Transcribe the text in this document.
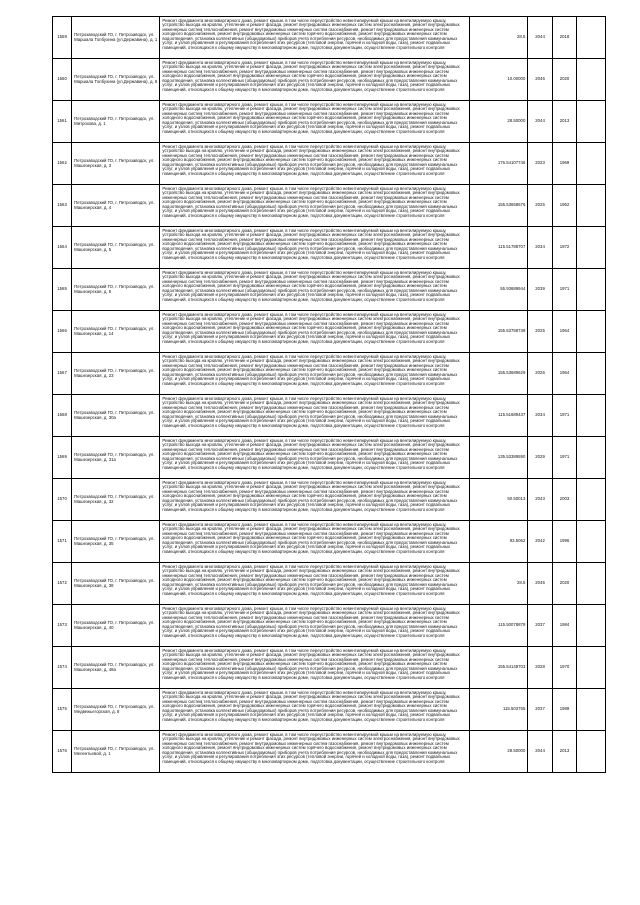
1559	Петрозаводский ГО, г. Петрозаводск, ул. Маршала Толбухина (ул.Державина), д. 1	Ремонт фундамента многоквартирного дома, ремонт крыши, в том числе переустройство невентилируемой крыши на вентилируемую крышу, устройство выхода на кровлю, утепление и ремонт фасада, ремонт внутридомовых инженерных систем электроснабжения, ремонт внутридомовых инженерных систем теплоснабжения, ремонт внутридомовых инженерных систем газоснабжения, ремонт внутридомовых инженерных систем холодного водоснабжения, ремонт внутридомовых инженерных систем горячего водоснабжения, ремонт внутридомовых инженерных систем водоотведения, установка коллективных (общедомовых) приборов учета потребления ресурсов, необходимых для предоставления коммунальных услуг, и узлов управления и регулирования потребления этих ресурсов (тепловой энергии, горячей и холодной воды, газа), ремонт подвальных помещений, относящихся к общему имуществу в многоквартирном доме, подготовка документации, осуществление строительного контроля	28.5	2044	2018	
1560	Петрозаводский ГО, г. Петрозаводск, ул. Маршала Толбухина (ул.Державина), д. 6	Ремонт фундамента многоквартирного дома, ремонт крыши, в том числе переустройство невентилируемой крыши на вентилируемую крышу, устройство выхода на кровлю, утепление и ремонт фасада, ремонт внутридомовых инженерных систем электроснабжения, ремонт внутридомовых инженерных систем теплоснабжения, ремонт внутридомовых инженерных систем газоснабжения, ремонт внутридомовых инженерных систем холодного водоснабжения, ремонт внутридомовых инженерных систем горячего водоснабжения, ремонт внутридомовых инженерных систем водоотведения, установка коллективных (общедомовых) приборов учета потребления ресурсов, необходимых для предоставления коммунальных услуг, и узлов управления и регулирования потребления этих ресурсов (тепловой энергии, горячей и холодной воды, газа), ремонт подвальных помещений, относящихся к общему имуществу в многоквартирном доме, подготовка документации, осуществление строительного контроля	10.00000	2046	2020	
1561	Петрозаводский ГО, г. Петрозаводск, ул. Митрохова, д. 1	Ремонт фундамента многоквартирного дома, ремонт крыши, в том числе переустройство невентилируемой крыши на вентилируемую крышу, устройство выхода на кровлю, утепление и ремонт фасада, ремонт внутридомовых инженерных систем электроснабжения, ремонт внутридомовых инженерных систем теплоснабжения, ремонт внутридомовых инженерных систем газоснабжения, ремонт внутридомовых инженерных систем холодного водоснабжения, ремонт внутридомовых инженерных систем горячего водоснабжения, ремонт внутридомовых инженерных систем водоотведения, установка коллективных (общедомовых) приборов учета потребления ресурсов, необходимых для предоставления коммунальных услуг, и узлов управления и регулирования потребления этих ресурсов (тепловой энергии, горячей и холодной воды, газа), ремонт подвальных помещений, относящихся к общему имуществу в многоквартирном доме, подготовка документации, осуществление строительного контроля	28.50000	2044	2013	
1562	Петрозаводский ГО, г. Петрозаводск, ул. Машезерская, д. 3	Ремонт фундамента многоквартирного дома, ремонт крыши, в том числе переустройство невентилируемой крыши на вентилируемую крышу, устройство выхода на кровлю, утепление и ремонт фасада, ремонт внутридомовых инженерных систем электроснабжения, ремонт внутридомовых инженерных систем теплоснабжения, ремонт внутридомовых инженерных систем газоснабжения, ремонт внутридомовых инженерных систем холодного водоснабжения, ремонт внутридомовых инженерных систем горячего водоснабжения, ремонт внутридомовых инженерных систем водоотведения, установка коллективных (общедомовых) приборов учета потребления ресурсов, необходимых для предоставления коммунальных услуг, и узлов управления и регулирования потребления этих ресурсов (тепловой энергии, горячей и холодной воды, газа), ремонт подвальных помещений, относящихся к общему имуществу в многоквартирном доме, подготовка документации, осуществление строительного контроля	176.54107746	2023	1969	
1563	Петрозаводский ГО, г. Петрозаводск, ул. Машезерская, д. 4	Ремонт фундамента многоквартирного дома, ремонт крыши, в том числе переустройство невентилируемой крыши на вентилируемую крышу, устройство выхода на кровлю, утепление и ремонт фасада, ремонт внутридомовых инженерных систем электроснабжения, ремонт внутридомовых инженерных систем теплоснабжения, ремонт внутридомовых инженерных систем газоснабжения, ремонт внутридомовых инженерных систем холодного водоснабжения, ремонт внутридомовых инженерных систем горячего водоснабжения, ремонт внутридомовых инженерных систем водоотведения, установка коллективных (общедомовых) приборов учета потребления ресурсов, необходимых для предоставления коммунальных услуг, и узлов управления и регулирования потребления этих ресурсов (тепловой энергии, горячей и холодной воды, газа), ремонт подвальных помещений, относящихся к общему имуществу в многоквартирном доме, подготовка документации, осуществление строительного контроля	155.53658676	2025	1962	
1564	Петрозаводский ГО, г. Петрозаводск, ул. Машезерская, д. 5	Ремонт фундамента многоквартирного дома, ремонт крыши, в том числе переустройство невентилируемой крыши на вентилируемую крышу, устройство выхода на кровлю, утепление и ремонт фасада, ремонт внутридомовых инженерных систем электроснабжения, ремонт внутридомовых инженерных систем теплоснабжения, ремонт внутридомовых инженерных систем газоснабжения, ремонт внутридомовых инженерных систем холодного водоснабжения, ремонт внутридомовых инженерных систем горячего водоснабжения, ремонт внутридомовых инженерных систем водоотведения, установка коллективных (общедомовых) приборов учета потребления ресурсов, необходимых для предоставления коммунальных услуг, и узлов управления и регулирования потребления этих ресурсов (тепловой энергии, горячей и холодной воды, газа), ремонт подвальных помещений, относящихся к общему имуществу в многоквартирном доме, подготовка документации, осуществление строительного контроля	115.51788707	2034	1972	
1565	Петрозаводский ГО, г. Петрозаводск, ул. Машезерская, д. 6	Ремонт фундамента многоквартирного дома, ремонт крыши, в том числе переустройство невентилируемой крыши на вентилируемую крышу, устройство выхода на кровлю, утепление и ремонт фасада, ремонт внутридомовых инженерных систем электроснабжения, ремонт внутридомовых инженерных систем теплоснабжения, ремонт внутридомовых инженерных систем газоснабжения, ремонт внутридомовых инженерных систем холодного водоснабжения, ремонт внутридомовых инженерных систем горячего водоснабжения, ремонт внутридомовых инженерных систем водоотведения, установка коллективных (общедомовых) приборов учета потребления ресурсов, необходимых для предоставления коммунальных услуг, и узлов управления и регулирования потребления этих ресурсов (тепловой энергии, горячей и холодной воды, газа), ремонт подвальных помещений, относящихся к общему имуществу в многоквартирном доме, подготовка документации, осуществление строительного контроля	55.93689944	2039	1971	
1566	Петрозаводский ГО, г. Петрозаводск, ул. Машезерская, д. 14	Ремонт фундамента многоквартирного дома, ремонт крыши, в том числе переустройство невентилируемой крыши на вентилируемую крышу, устройство выхода на кровлю, утепление и ремонт фасада, ремонт внутридомовых инженерных систем электроснабжения, ремонт внутридомовых инженерных систем теплоснабжения, ремонт внутридомовых инженерных систем газоснабжения, ремонт внутридомовых инженерных систем холодного водоснабжения, ремонт внутридомовых инженерных систем горячего водоснабжения, ремонт внутридомовых инженерных систем водоотведения, установка коллективных (общедомовых) приборов учета потребления ресурсов, необходимых для предоставления коммунальных услуг, и узлов управления и регулирования потребления этих ресурсов (тепловой энергии, горячей и холодной воды, газа), ремонт подвальных помещений, относящихся к общему имуществу в многоквартирном доме, подготовка документации, осуществление строительного контроля	155.53758738	2025	1964	
1567	Петрозаводский ГО, г. Петрозаводск, ул. Машезерская, д. 23	Ремонт фундамента многоквартирного дома, ремонт крыши, в том числе переустройство невентилируемой крыши на вентилируемую крышу, устройство выхода на кровлю, утепление и ремонт фасада, ремонт внутридомовых инженерных систем электроснабжения, ремонт внутридомовых инженерных систем теплоснабжения, ремонт внутридомовых инженерных систем газоснабжения, ремонт внутридомовых инженерных систем холодного водоснабжения, ремонт внутридомовых инженерных систем горячего водоснабжения, ремонт внутридомовых инженерных систем водоотведения, установка коллективных (общедомовых) приборов учета потребления ресурсов, необходимых для предоставления коммунальных услуг, и узлов управления и регулирования потребления этих ресурсов (тепловой энергии, горячей и холодной воды, газа), ремонт подвальных помещений, относящихся к общему имуществу в многоквартирном доме, подготовка документации, осуществление строительного контроля	155.53689629	2026	1964	
1568	Петрозаводский ГО, г. Петрозаводск, ул. Машезерская, д. 30а	Ремонт фундамента многоквартирного дома, ремонт крыши, в том числе переустройство невентилируемой крыши на вентилируемую крышу, устройство выхода на кровлю, утепление и ремонт фасада, ремонт внутридомовых инженерных систем электроснабжения, ремонт внутридомовых инженерных систем теплоснабжения, ремонт внутридомовых инженерных систем газоснабжения, ремонт внутридомовых инженерных систем холодного водоснабжения, ремонт внутридомовых инженерных систем горячего водоснабжения, ремонт внутридомовых инженерных систем водоотведения, установка коллективных (общедомовых) приборов учета потребления ресурсов, необходимых для предоставления коммунальных услуг, и узлов управления и регулирования потребления этих ресурсов (тепловой энергии, горячей и холодной воды, газа), ремонт подвальных помещений, относящихся к общему имуществу в многоквартирном доме, подготовка документации, осуществление строительного контроля	115.51689437	2034	1971	
1569	Петрозаводский ГО, г. Петрозаводск, ул. Машезерская, д. 31а	Ремонт фундамента многоквартирного дома, ремонт крыши, в том числе переустройство невентилируемой крыши на вентилируемую крышу, устройство выхода на кровлю, утепление и ремонт фасада, ремонт внутридомовых инженерных систем электроснабжения, ремонт внутридомовых инженерных систем теплоснабжения, ремонт внутридомовых инженерных систем газоснабжения, ремонт внутридомовых инженерных систем холодного водоснабжения, ремонт внутридомовых инженерных систем горячего водоснабжения, ремонт внутридомовых инженерных систем водоотведения, установка коллективных (общедомовых) приборов учета потребления ресурсов, необходимых для предоставления коммунальных услуг, и узлов управления и регулирования потребления этих ресурсов (тепловой энергии, горячей и холодной воды, газа), ремонт подвальных помещений, относящихся к общему имуществу в многоквартирном доме, подготовка документации, осуществление строительного контроля	135.53389590	2029	1971	
1570	Петрозаводский ГО, г. Петрозаводск, ул. Машезерская, д. 32	Ремонт фундамента многоквартирного дома, ремонт крыши, в том числе переустройство невентилируемой крыши на вентилируемую крышу, устройство выхода на кровлю, утепление и ремонт фасада, ремонт внутридомовых инженерных систем электроснабжения, ремонт внутридомовых инженерных систем теплоснабжения, ремонт внутридомовых инженерных систем газоснабжения, ремонт внутридомовых инженерных систем холодного водоснабжения, ремонт внутридомовых инженерных систем горячего водоснабжения, ремонт внутридомовых инженерных систем водоотведения, установка коллективных (общедомовых) приборов учета потребления ресурсов, необходимых для предоставления коммунальных услуг, и узлов управления и регулирования потребления этих ресурсов (тепловой энергии, горячей и холодной воды, газа), ремонт подвальных помещений, относящихся к общему имуществу в многоквартирном доме, подготовка документации, осуществление строительного контроля	50.50013	2043	2003	
1571	Петрозаводский ГО, г. Петрозаводск, ул. Машезерская, д. 35	Ремонт фундамента многоквартирного дома, ремонт крыши, в том числе переустройство невентилируемой крыши на вентилируемую крышу, устройство выхода на кровлю, утепление и ремонт фасада, ремонт внутридомовых инженерных систем электроснабжения, ремонт внутридомовых инженерных систем теплоснабжения, ремонт внутридомовых инженерных систем газоснабжения, ремонт внутридомовых инженерных систем холодного водоснабжения, ремонт внутридомовых инженерных систем горячего водоснабжения, ремонт внутридомовых инженерных систем водоотведения, установка коллективных (общедомовых) приборов учета потребления ресурсов, необходимых для предоставления коммунальных услуг, и узлов управления и регулирования потребления этих ресурсов (тепловой энергии, горячей и холодной воды, газа), ремонт подвальных помещений, относящихся к общему имуществу в многоквартирном доме, подготовка документации, осуществление строительного контроля	93.5062	2042	1996	
1572	Петрозаводский ГО, г. Петрозаводск, ул. Машезерская, д. 38	Ремонт фундамента многоквартирного дома, ремонт крыши, в том числе переустройство невентилируемой крыши на вентилируемую крышу, устройство выхода на кровлю, утепление и ремонт фасада, ремонт внутридомовых инженерных систем электроснабжения, ремонт внутридомовых инженерных систем теплоснабжения, ремонт внутридомовых инженерных систем газоснабжения, ремонт внутридомовых инженерных систем холодного водоснабжения, ремонт внутридомовых инженерных систем горячего водоснабжения, ремонт внутридомовых инженерных систем водоотведения, установка коллективных (общедомовых) приборов учета потребления ресурсов, необходимых для предоставления коммунальных услуг, и узлов управления и регулирования потребления этих ресурсов (тепловой энергии, горячей и холодной воды, газа), ремонт подвальных помещений, относящихся к общему имуществу в многоквартирном доме, подготовка документации, осуществление строительного контроля	28.5	2045	2020	
1573	Петрозаводский ГО, г. Петрозаводск, ул. Машезерская, д. 40	Ремонт фундамента многоквартирного дома, ремонт крыши, в том числе переустройство невентилируемой крыши на вентилируемую крышу, устройство выхода на кровлю, утепление и ремонт фасада, ремонт внутридомовых инженерных систем электроснабжения, ремонт внутридомовых инженерных систем теплоснабжения, ремонт внутридомовых инженерных систем газоснабжения, ремонт внутридомовых инженерных систем холодного водоснабжения, ремонт внутридомовых инженерных систем горячего водоснабжения, ремонт внутридомовых инженерных систем водоотведения, установка коллективных (общедомовых) приборов учета потребления ресурсов, необходимых для предоставления коммунальных услуг, и узлов управления и регулирования потребления этих ресурсов (тепловой энергии, горячей и холодной воды, газа), ремонт подвальных помещений, относящихся к общему имуществу в многоквартирном доме, подготовка документации, осуществление строительного контроля	115.50078879	2037	1984	
1574	Петрозаводский ГО, г. Петрозаводск, ул. Машезерская, д. 48а	Ремонт фундамента многоквартирного дома, ремонт крыши, в том числе переустройство невентилируемой крыши на вентилируемую крышу, устройство выхода на кровлю, утепление и ремонт фасада, ремонт внутридомовых инженерных систем электроснабжения, ремонт внутридомовых инженерных систем теплоснабжения, ремонт внутридомовых инженерных систем газоснабжения, ремонт внутридомовых инженерных систем холодного водоснабжения, ремонт внутридомовых инженерных систем горячего водоснабжения, ремонт внутридомовых инженерных систем водоотведения, установка коллективных (общедомовых) приборов учета потребления ресурсов, необходимых для предоставления коммунальных услуг, и узлов управления и регулирования потребления этих ресурсов (тепловой энергии, горячей и холодной воды, газа), ремонт подвальных помещений, относящихся к общему имуществу в многоквартирном доме, подготовка документации, осуществление строительного контроля	155.54149703	2028	1970	
1575	Петрозаводский ГО, г. Петрозаводск, ул. Медвежьегорская, д. 8	Ремонт фундамента многоквартирного дома, ремонт крыши, в том числе переустройство невентилируемой крыши на вентилируемую крышу, устройство выхода на кровлю, утепление и ремонт фасада, ремонт внутридомовых инженерных систем электроснабжения, ремонт внутридомовых инженерных систем теплоснабжения, ремонт внутридомовых инженерных систем газоснабжения, ремонт внутридомовых инженерных систем холодного водоснабжения, ремонт внутридомовых инженерных систем горячего водоснабжения, ремонт внутридомовых инженерных систем водоотведения, установка коллективных (общедомовых) приборов учета потребления ресурсов, необходимых для предоставления коммунальных услуг, и узлов управления и регулирования потребления этих ресурсов (тепловой энергии, горячей и холодной воды, газа), ремонт подвальных помещений, относящихся к общему имуществу в многоквартирном доме, подготовка документации, осуществление строительного контроля	115.503755	2037	1989	
1576	Петрозаводский ГО, г. Петрозаводск, ул. Мелентьевой, д. 1	Ремонт фундамента многоквартирного дома, ремонт крыши, в том числе переустройство невентилируемой крыши на вентилируемую крышу, устройство выхода на кровлю, утепление и ремонт фасада, ремонт внутридомовых инженерных систем электроснабжения, ремонт внутридомовых инженерных систем теплоснабжения, ремонт внутридомовых инженерных систем газоснабжения, ремонт внутридомовых инженерных систем холодного водоснабжения, ремонт внутридомовых инженерных систем горячего водоснабжения, ремонт внутридомовых инженерных систем водоотведения, установка коллективных (общедомовых) приборов учета потребления ресурсов, необходимых для предоставления коммунальных услуг, и узлов управления и регулирования потребления этих ресурсов (тепловой энергии, горячей и холодной воды, газа), ремонт подвальных помещений, относящихся к общему имуществу в многоквартирном доме, подготовка документации, осуществление строительного контроля	28.50000	2044	2013	
